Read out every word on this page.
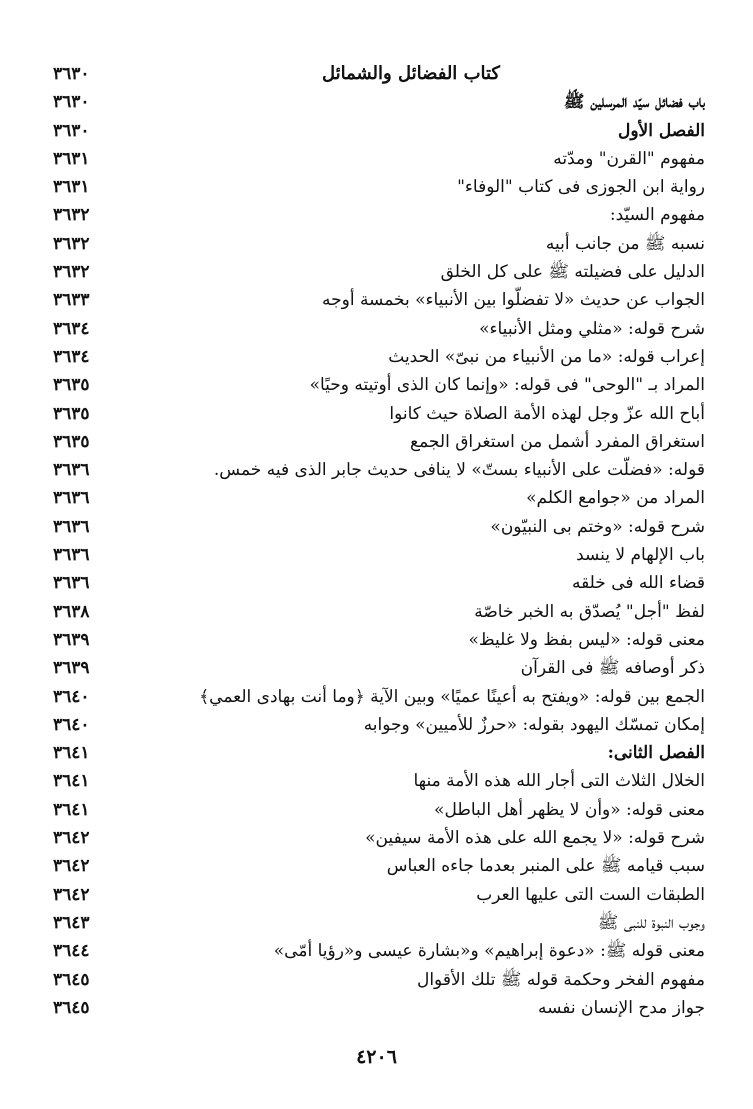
كتاب الفضائل والشمائل
٣٦٣٠
باب فضائل سيّد المرسلين ﷺ
٣٦٣٠
الفصل الأول
٣٦٣٠
مفهوم "القرن" ومدّته
٣٦٣١
رواية ابن الجوزى فى كتاب "الوفاء"
٣٦٣١
مفهوم السيّد:
٣٦٣٢
نسبه ﷺ من جانب أبيه
٣٦٣٢
الدليل على فضيلته ﷺ على كل الخلق
٣٦٣٢
الجواب عن حديث «لا تفضلّوا بين الأنبياء» بخمسة أوجه
٣٦٣٣
شرح قوله: «مثلي ومثل الأنبياء»
٣٦٣٤
إعراب قوله: «ما من الأنبياء من نبىّ» الحديث
٣٦٣٤
المراد بـ "الوحى" فى قوله: «وإنما كان الذى أوتيته وحيًا»
٣٦٣٥
أباح الله عزّ وجل لهذه الأمة الصلاة حيث كانوا
٣٦٣٥
استغراق المفرد أشمل من استغراق الجمع
٣٦٣٥
قوله: «فضلّت على الأنبياء بستّ» لا ينافى حديث جابر الذى فيه خمس.
٣٦٣٦
المراد من «جوامع الكلم»
٣٦٣٦
شرح قوله: «وختم بى النبيّون»
٣٦٣٦
باب الإلهام لا ينسد
٣٦٣٦
قضاء الله فى خلقه
٣٦٣٦
لفظ "أجل" يُصدّق به الخبر خاصّة
٣٦٣٨
معنى قوله: «ليس بفظ ولا غليظ»
٣٦٣٩
ذكر أوصافه ﷺ فى القرآن
٣٦٣٩
الجمع بين قوله: «ويفتح به أعينًا عميًا» وبين الآية ﴿وما أنت بهادى العمي﴾
٣٦٤٠
إمكان تمسّك اليهود بقوله: «حرزٌ للأميين» وجوابه
٣٦٤٠
الفصل الثانى:
٣٦٤١
الخلال الثلاث التى أجار الله هذه الأمة منها
٣٦٤١
معنى قوله: «وأن لا يظهر أهل الباطل»
٣٦٤١
شرح قوله: «لا يجمع الله على هذه الأمة سيفين»
٣٦٤٢
سبب قيامه ﷺ على المنبر بعدما جاءه العباس
٣٦٤٢
الطبقات الست التى عليها العرب
٣٦٤٢
وجوب النبوة للنبى ﷺ
٣٦٤٣
معنى قوله ﷺ: «دعوة إبراهيم» و«بشارة عيسى و«رؤيا أمّى»
٣٦٤٤
مفهوم الفخر وحكمة قوله ﷺ تلك الأقوال
٣٦٤٥
جواز مدح الإنسان نفسه
٣٦٤٥
٤٢٠٦
